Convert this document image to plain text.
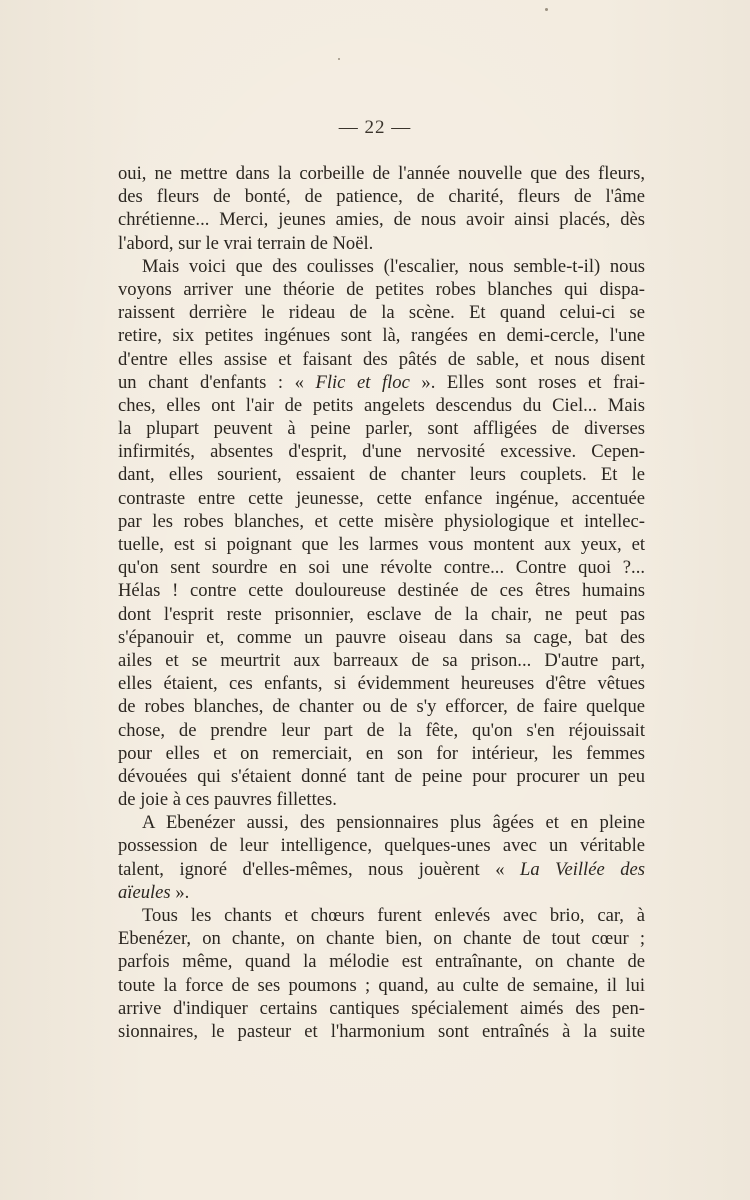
— 22 —
oui, ne mettre dans la corbeille de l'année nouvelle que des fleurs,
des fleurs de bonté, de patience, de charité, fleurs de l'âme
chrétienne... Merci, jeunes amies, de nous avoir ainsi placés, dès
l'abord, sur le vrai terrain de Noël.
Mais voici que des coulisses (l'escalier, nous semble-t-il) nous
voyons arriver une théorie de petites robes blanches qui dispa-
raissent derrière le rideau de la scène. Et quand celui-ci se
retire, six petites ingénues sont là, rangées en demi-cercle, l'une
d'entre elles assise et faisant des pâtés de sable, et nous disent
un chant d'enfants : « Flic et floc ». Elles sont roses et frai-
ches, elles ont l'air de petits angelets descendus du Ciel... Mais
la plupart peuvent à peine parler, sont affligées de diverses
infirmités, absentes d'esprit, d'une nervosité excessive. Cepen-
dant, elles sourient, essaient de chanter leurs couplets. Et le
contraste entre cette jeunesse, cette enfance ingénue, accentuée
par les robes blanches, et cette misère physiologique et intellec-
tuelle, est si poignant que les larmes vous montent aux yeux, et
qu'on sent sourdre en soi une révolte contre... Contre quoi ?...
Hélas ! contre cette douloureuse destinée de ces êtres humains
dont l'esprit reste prisonnier, esclave de la chair, ne peut pas
s'épanouir et, comme un pauvre oiseau dans sa cage, bat des
ailes et se meurtrit aux barreaux de sa prison... D'autre part,
elles étaient, ces enfants, si évidemment heureuses d'être vêtues
de robes blanches, de chanter ou de s'y efforcer, de faire quelque
chose, de prendre leur part de la fête, qu'on s'en réjouissait
pour elles et on remerciait, en son for intérieur, les femmes
dévouées qui s'étaient donné tant de peine pour procurer un peu
de joie à ces pauvres fillettes.
A Ebenézer aussi, des pensionnaires plus âgées et en pleine
possession de leur intelligence, quelques-unes avec un véritable
talent, ignoré d'elles-mêmes, nous jouèrent « La Veillée des
aïeules ».
Tous les chants et chœurs furent enlevés avec brio, car, à
Ebenézer, on chante, on chante bien, on chante de tout cœur ;
parfois même, quand la mélodie est entraînante, on chante de
toute la force de ses poumons ; quand, au culte de semaine, il lui
arrive d'indiquer certains cantiques spécialement aimés des pen-
sionnaires, le pasteur et l'harmonium sont entraînés à la suite
